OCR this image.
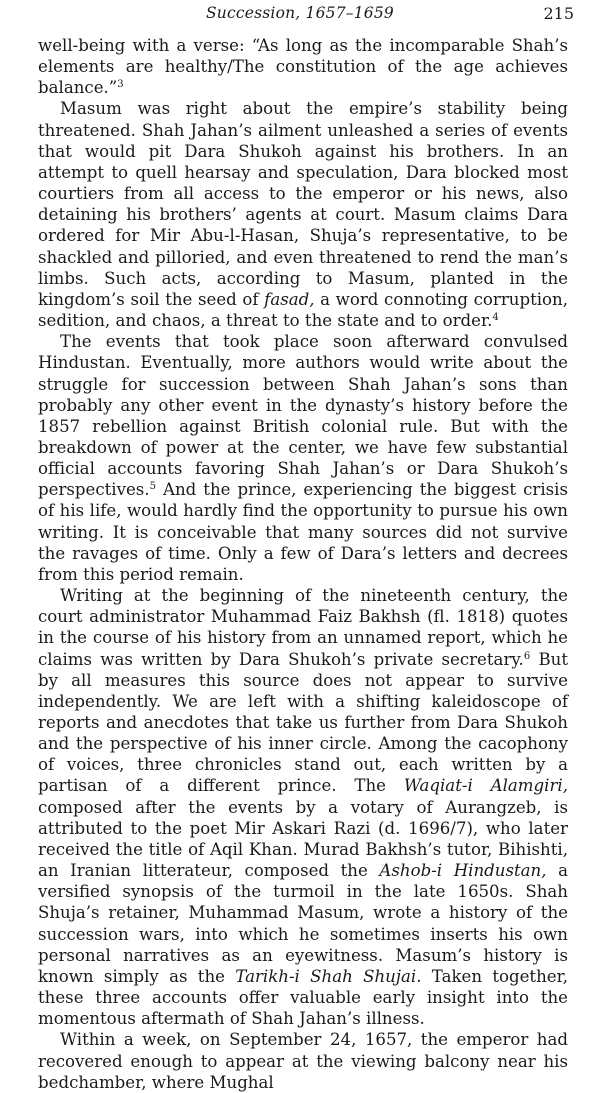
Succession, 1657–1659	215

well-being with a verse: “As long as the incomparable Shah’s elements are healthy/The constitution of the age achieves balance.”$^3$

Masum was right about the empire’s stability being threatened. Shah Jahan’s ailment unleashed a series of events that would pit Dara Shukoh against his brothers. In an attempt to quell hearsay and speculation, Dara blocked most courtiers from all access to the emperor or his news, also detaining his brothers’ agents at court. Masum claims Dara ordered for Mir Abu-l-Hasan, Shuja’s representative, to be shackled and pilloried, and even threatened to rend the man’s limbs. Such acts, according to Masum, planted in the kingdom’s soil the seed of fasad, a word connoting corruption, sedition, and chaos, a threat to the state and to order.$^4$

The events that took place soon afterward convulsed Hindustan. Eventually, more authors would write about the struggle for succession between Shah Jahan’s sons than probably any other event in the dynasty’s history before the 1857 rebellion against British colonial rule. But with the breakdown of power at the center, we have few substantial official accounts favoring Shah Jahan’s or Dara Shukoh’s perspectives.$^5$ And the prince, experiencing the biggest crisis of his life, would hardly find the opportunity to pursue his own writing. It is conceivable that many sources did not survive the ravages of time. Only a few of Dara’s letters and decrees from this period remain.

Writing at the beginning of the nineteenth century, the court administrator Muhammad Faiz Bakhsh (fl. 1818) quotes in the course of his history from an unnamed report, which he claims was written by Dara Shukoh’s private secretary.$^6$ But by all measures this source does not appear to survive independently. We are left with a shifting kaleidoscope of reports and anecdotes that take us further from Dara Shukoh and the perspective of his inner circle. Among the cacophony of voices, three chronicles stand out, each written by a partisan of a different prince. The Waqiat-i Alamgiri, composed after the events by a votary of Aurangzeb, is attributed to the poet Mir Askari Razi (d. 1696/7), who later received the title of Aqil Khan. Murad Bakhsh’s tutor, Bihishti, an Iranian litterateur, composed the Ashob-i Hindustan, a versified synopsis of the turmoil in the late 1650s. Shah Shuja’s retainer, Muhammad Masum, wrote a history of the succession wars, into which he sometimes inserts his own personal narratives as an eyewitness. Masum’s history is known simply as the Tarikh-i Shah Shujai. Taken together, these three accounts offer valuable early insight into the momentous aftermath of Shah Jahan’s illness.

Within a week, on September 24, 1657, the emperor had recovered enough to appear at the viewing balcony near his bedchamber, where Mughal
